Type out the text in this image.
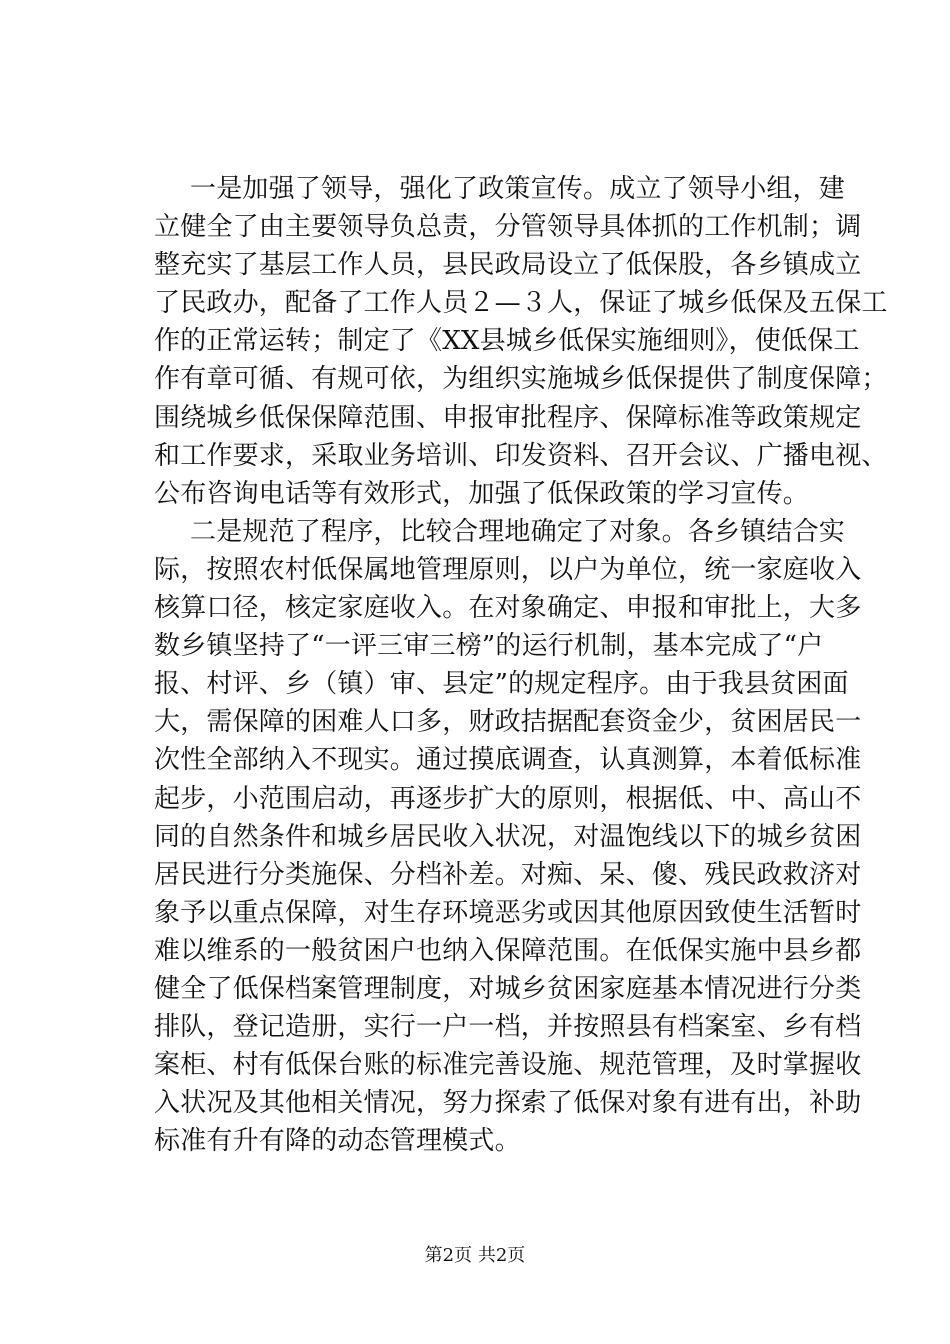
一是加强了领导，强化了政策宣传。成立了领导小组，建
立健全了由主要领导负总责，分管领导具体抓的工作机制；调
整充实了基层工作人员，县民政局设立了低保股，各乡镇成立
了民政办，配备了工作人员２—３人，保证了城乡低保及五保工
作的正常运转；制定了《XX县城乡低保实施细则》，使低保工
作有章可循、有规可依，为组织实施城乡低保提供了制度保障；
围绕城乡低保保障范围、申报审批程序、保障标准等政策规定
和工作要求，采取业务培训、印发资料、召开会议、广播电视、
公布咨询电话等有效形式，加强了低保政策的学习宣传。
二是规范了程序，比较合理地确定了对象。各乡镇结合实
际，按照农村低保属地管理原则，以户为单位，统一家庭收入
核算口径，核定家庭收入。在对象确定、申报和审批上，大多
数乡镇坚持了“一评三审三榜”的运行机制，基本完成了“户
报、村评、乡（镇）审、县定”的规定程序。由于我县贫困面
大，需保障的困难人口多，财政拮据配套资金少，贫困居民一
次性全部纳入不现实。通过摸底调查，认真测算，本着低标准
起步，小范围启动，再逐步扩大的原则，根据低、中、高山不
同的自然条件和城乡居民收入状况，对温饱线以下的城乡贫困
居民进行分类施保、分档补差。对痴、呆、傻、残民政救济对
象予以重点保障，对生存环境恶劣或因其他原因致使生活暂时
难以维系的一般贫困户也纳入保障范围。在低保实施中县乡都
健全了低保档案管理制度，对城乡贫困家庭基本情况进行分类
排队，登记造册，实行一户一档，并按照县有档案室、乡有档
案柜、村有低保台账的标准完善设施、规范管理，及时掌握收
入状况及其他相关情况，努力探索了低保对象有进有出，补助
标准有升有降的动态管理模式。
第2页 共2页
